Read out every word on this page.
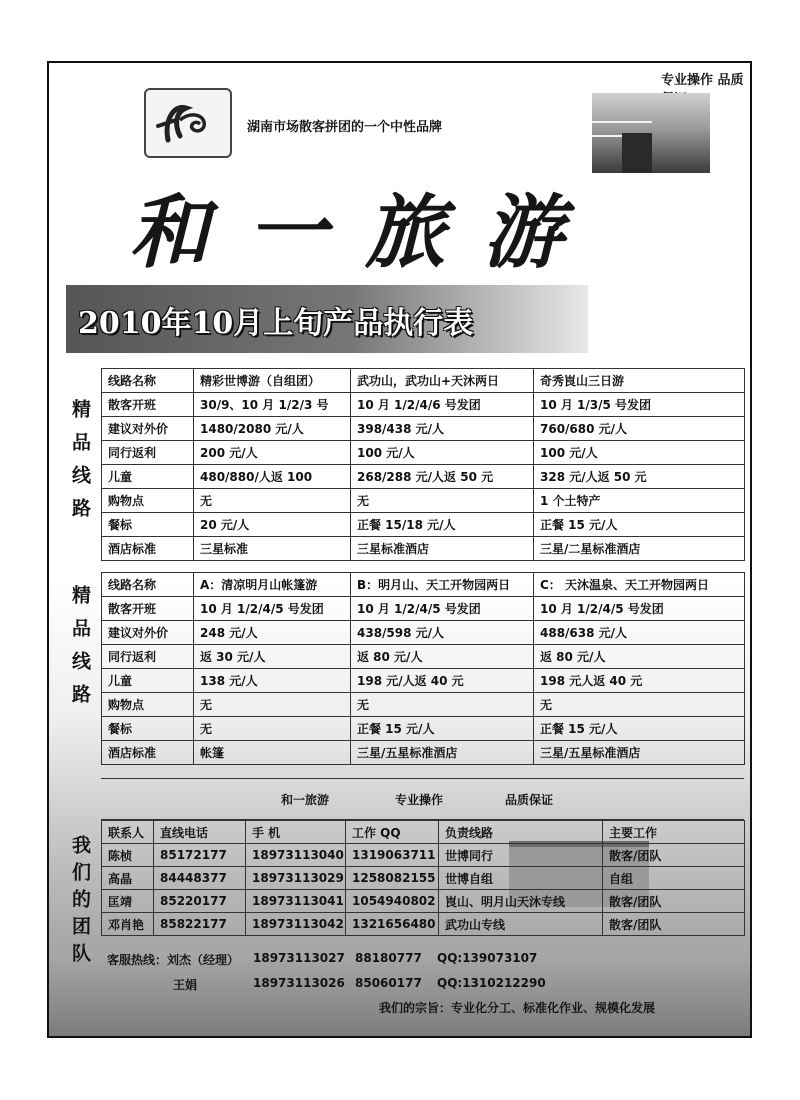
专业操作 品质
湖南市场散客拼团的一个中性品牌
和一旅游
2010年10月上旬产品执行表
精品线路
线路名称	精彩世博游（自组团）	武功山，武功山+天沐两日	奇秀崀山三日游
散客开班	30/9、10 月 1/2/3 号	10 月 1/2/4/6 号发团	10 月 1/3/5 号发团
建议对外价	1480/2080 元/人	398/438 元/人	760/680 元/人
同行返利	200 元/人	100 元/人	100 元/人
儿童	480/880/人返 100	268/288 元/人返 50 元	328 元/人返 50 元
购物点	无	无	1 个土特产
餐标	20 元/人	正餐 15/18 元/人	正餐 15 元/人
酒店标准	三星标准	三星标准酒店	三星/二星标准酒店
精品线路 线路名称	A：清凉明月山帐篷游	B：明月山、天工开物园两日	C： 天沐温泉、天工开物园两日
散客开班	10 月 1/2/4/5 号发团	10 月 1/2/4/5 号发团	10 月 1/2/4/5 号发团
建议对外价	248 元/人	438/598 元/人	488/638 元/人
同行返利	返 30 元/人	返 80 元/人	返 80 元/人
儿童	138 元/人	198 元/人返 40 元	198 元人返 40 元
购物点	无	无	无
餐标	无	正餐 15 元/人	正餐 15 元/人
酒店标准	帐篷	三星/五星标准酒店	三星/五星标准酒店
和一旅游	专业操作	品质保证
我们的团队
联系人	直线电话	手 机	工作 QQ	负责线路	主要工作
陈桢	85172177	18973113040	1319063711	世博同行	散客/团队
高晶	84448377	18973113029	1258082155	世博自组	自组
匡靖	85220177	18973113041	1054940802	崀山、明月山天沐专线	散客/团队
邓肖艳	85822177	18973113042	1321656480	武功山专线	散客/团队
客服热线：刘杰（经理） 18973113027 88180777 QQ:139073107
王娟	18973113026 85060177 QQ:1310212290
我们的宗旨：专业化分工、标准化作业、规模化发展
